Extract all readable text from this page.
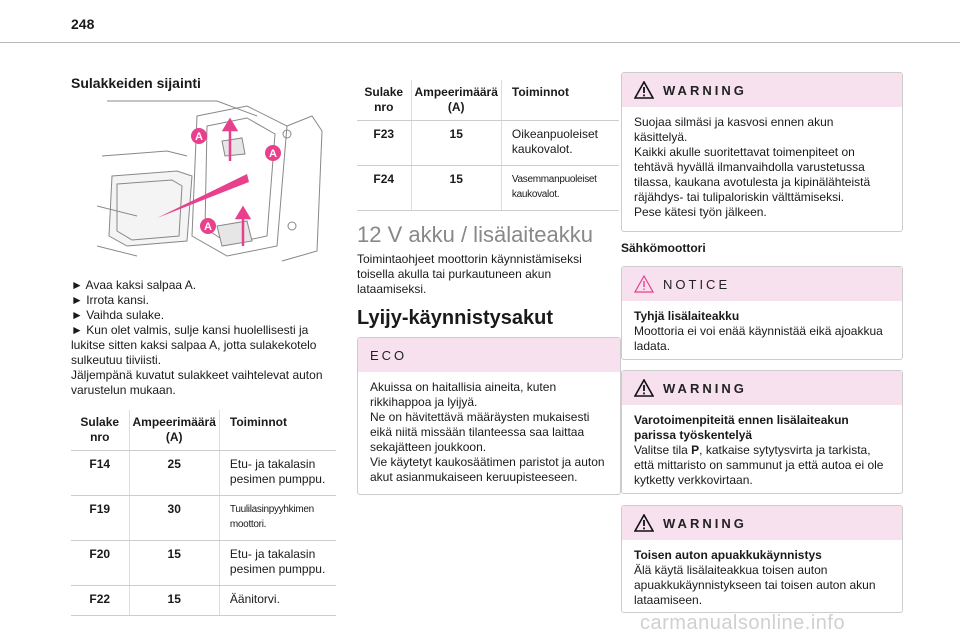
248
Sulakkeiden sijainti
A
A
A

► Avaa kaksi salpaa A.

► Irrota kansi.

► Vaihda sulake.

► Kun olet valmis, sulje kansi huolellisesti ja lukitse sitten kaksi salpaa A, jotta sulakekotelo sulkeutuu tiiviisti.

Jäljempänä kuvatut sulakkeet vaihtelevat auton varustelun mukaan.

Sulake nro	Ampeerimäärä (A)	Toiminnot
F14	25	Etu- ja takalasin pesimen pumppu.
F19	30	Tuulilasinpyyhkimen moottori.
F20	15	Etu- ja takalasin pesimen pumppu.
F22	15	Äänitorvi.
Sulake nro	Ampeerimäärä (A)	Toiminnot
F23	15	Oikeanpuoleiset kaukovalot.
F24	15	Vasemmanpuoleiset kaukovalot.
12 V akku / lisälaiteakku
Toimintaohjeet moottorin käynnistämiseksi toisella akulla tai purkautuneen akun lataamiseksi.
Lyijy-käynnistysakut
ECO
Akuissa on haitallisia aineita, kuten rikkihappoa ja lyijyä.
Ne on hävitettävä määräysten mukaisesti eikä niitä missään tilanteessa saa laittaa sekajätteen joukkoon.
Vie käytetyt kaukosäätimen paristot ja auton akut asianmukaiseen keruupisteeseen.
WARNING
Suojaa silmäsi ja kasvosi ennen akun käsittelyä.
Kaikki akulle suoritettavat toimenpiteet on tehtävä hyvällä ilmanvaihdolla varustetussa tilassa, kaukana avotulesta ja kipinälähteistä räjähdys- tai tulipaloriskin välttämiseksi.
Pese kätesi työn jälkeen.
Sähkömoottori
NOTICE
Tyhjä lisälaiteakku
Moottoria ei voi enää käynnistää eikä ajoakkua ladata.
WARNING
Varotoimenpiteitä ennen lisälaiteakun parissa työskentelyä
Valitse tila P, katkaise sytytysvirta ja tarkista, että mittaristo on sammunut ja että autoa ei ole kytketty verkkovirtaan.
WARNING
Toisen auton apuakkukäynnistys
Älä käytä lisälaiteakkua toisen auton apuakkukäynnistykseen tai toisen auton akun lataamiseen.
carmanualsonline.info
